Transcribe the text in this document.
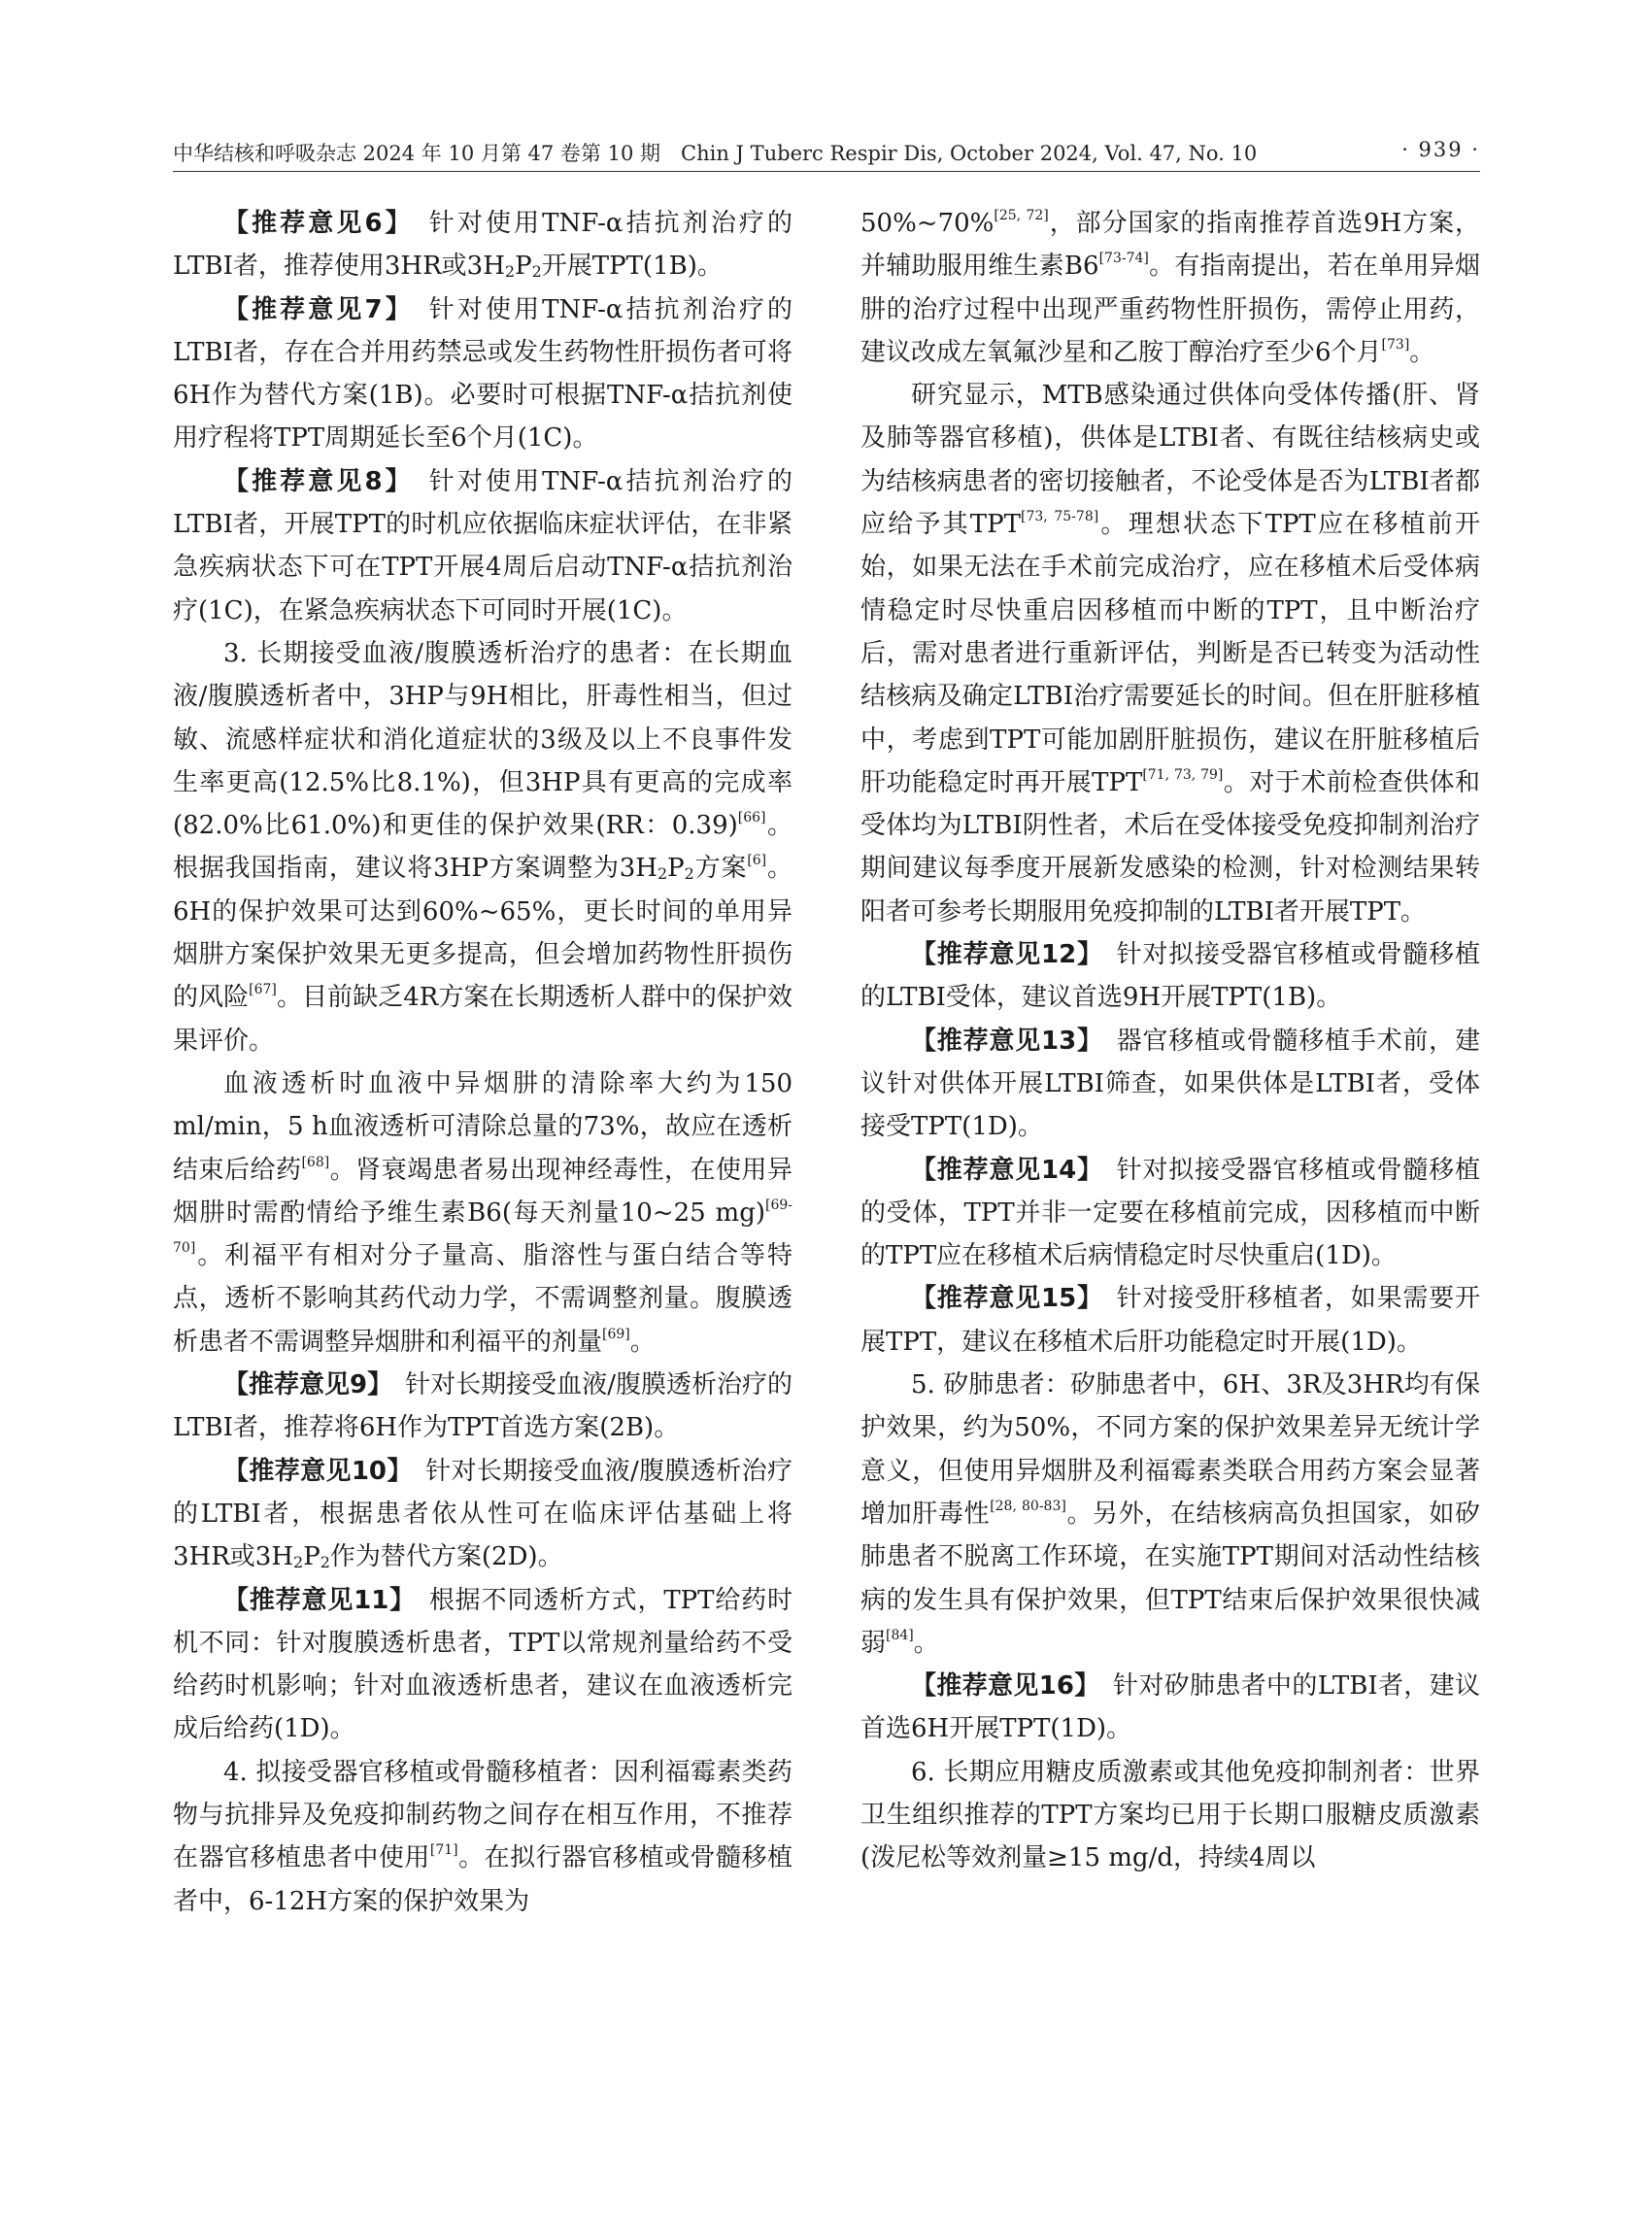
中华结核和呼吸杂志 2024 年 10 月第 47 卷第 10 期　Chin J Tuberc Respir Dis, October 2024, Vol. 47, No. 10	· 939 ·

【推荐意见6】　针对使用TNF-α拮抗剂治疗的LTBI者，推荐使用3HR或$3H_2P_2$开展TPT(1B)。

【推荐意见7】　针对使用TNF-α拮抗剂治疗的LTBI者，存在合并用药禁忌或发生药物性肝损伤者可将6H作为替代方案(1B)。必要时可根据TNF-α拮抗剂使用疗程将TPT周期延长至6个月(1C)。

【推荐意见8】　针对使用TNF-α拮抗剂治疗的LTBI者，开展TPT的时机应依据临床症状评估，在非紧急疾病状态下可在TPT开展4周后启动TNF-α拮抗剂治疗(1C)，在紧急疾病状态下可同时开展(1C)。

3. 长期接受血液/腹膜透析治疗的患者：在长期血液/腹膜透析者中，3HP与9H相比，肝毒性相当，但过敏、流感样症状和消化道症状的3级及以上不良事件发生率更高(12.5%比8.1%)，但3HP具有更高的完成率(82.0%比61.0%)和更佳的保护效果(RR：0.39)[66]。根据我国指南，建议将3HP方案调整为$3H_2P_2$方案[6]。6H的保护效果可达到60%~65%，更长时间的单用异烟肼方案保护效果无更多提高，但会增加药物性肝损伤的风险[67]。目前缺乏4R方案在长期透析人群中的保护效果评价。

血液透析时血液中异烟肼的清除率大约为150 ml/min，5 h血液透析可清除总量的73%，故应在透析结束后给药[68]。肾衰竭患者易出现神经毒性，在使用异烟肼时需酌情给予维生素B6(每天剂量10~25 mg)[69-70]。利福平有相对分子量高、脂溶性与蛋白结合等特点，透析不影响其药代动力学，不需调整剂量。腹膜透析患者不需调整异烟肼和利福平的剂量[69]。

【推荐意见9】　针对长期接受血液/腹膜透析治疗的LTBI者，推荐将6H作为TPT首选方案(2B)。

【推荐意见10】　针对长期接受血液/腹膜透析治疗的LTBI者，根据患者依从性可在临床评估基础上将3HR或$3H_2P_2$作为替代方案(2D)。

【推荐意见11】　根据不同透析方式，TPT给药时机不同：针对腹膜透析患者，TPT以常规剂量给药不受给药时机影响；针对血液透析患者，建议在血液透析完成后给药(1D)。

4. 拟接受器官移植或骨髓移植者：因利福霉素类药物与抗排异及免疫抑制药物之间存在相互作用，不推荐在器官移植患者中使用[71]。在拟行器官移植或骨髓移植者中，6-12H方案的保护效果为

50%~70%[25, 72]，部分国家的指南推荐首选9H方案，并辅助服用维生素B6[73-74]。有指南提出，若在单用异烟肼的治疗过程中出现严重药物性肝损伤，需停止用药，建议改成左氧氟沙星和乙胺丁醇治疗至少6个月[73]。

研究显示，MTB感染通过供体向受体传播(肝、肾及肺等器官移植)，供体是LTBI者、有既往结核病史或为结核病患者的密切接触者，不论受体是否为LTBI者都应给予其TPT[73, 75-78]。理想状态下TPT应在移植前开始，如果无法在手术前完成治疗，应在移植术后受体病情稳定时尽快重启因移植而中断的TPT，且中断治疗后，需对患者进行重新评估，判断是否已转变为活动性结核病及确定LTBI治疗需要延长的时间。但在肝脏移植中，考虑到TPT可能加剧肝脏损伤，建议在肝脏移植后肝功能稳定时再开展TPT[71, 73, 79]。对于术前检查供体和受体均为LTBI阴性者，术后在受体接受免疫抑制剂治疗期间建议每季度开展新发感染的检测，针对检测结果转阳者可参考长期服用免疫抑制的LTBI者开展TPT。

【推荐意见12】　针对拟接受器官移植或骨髓移植的LTBI受体，建议首选9H开展TPT(1B)。

【推荐意见13】　器官移植或骨髓移植手术前，建议针对供体开展LTBI筛查，如果供体是LTBI者，受体接受TPT(1D)。

【推荐意见14】　针对拟接受器官移植或骨髓移植的受体，TPT并非一定要在移植前完成，因移植而中断的TPT应在移植术后病情稳定时尽快重启(1D)。

【推荐意见15】　针对接受肝移植者，如果需要开展TPT，建议在移植术后肝功能稳定时开展(1D)。

5. 矽肺患者：矽肺患者中，6H、3R及3HR均有保护效果，约为50%，不同方案的保护效果差异无统计学意义，但使用异烟肼及利福霉素类联合用药方案会显著增加肝毒性[28, 80-83]。另外，在结核病高负担国家，如矽肺患者不脱离工作环境，在实施TPT期间对活动性结核病的发生具有保护效果，但TPT结束后保护效果很快减弱[84]。

【推荐意见16】　针对矽肺患者中的LTBI者，建议首选6H开展TPT(1D)。

6. 长期应用糖皮质激素或其他免疫抑制剂者：世界卫生组织推荐的TPT方案均已用于长期口服糖皮质激素(泼尼松等效剂量≥15 mg/d，持续4周以
